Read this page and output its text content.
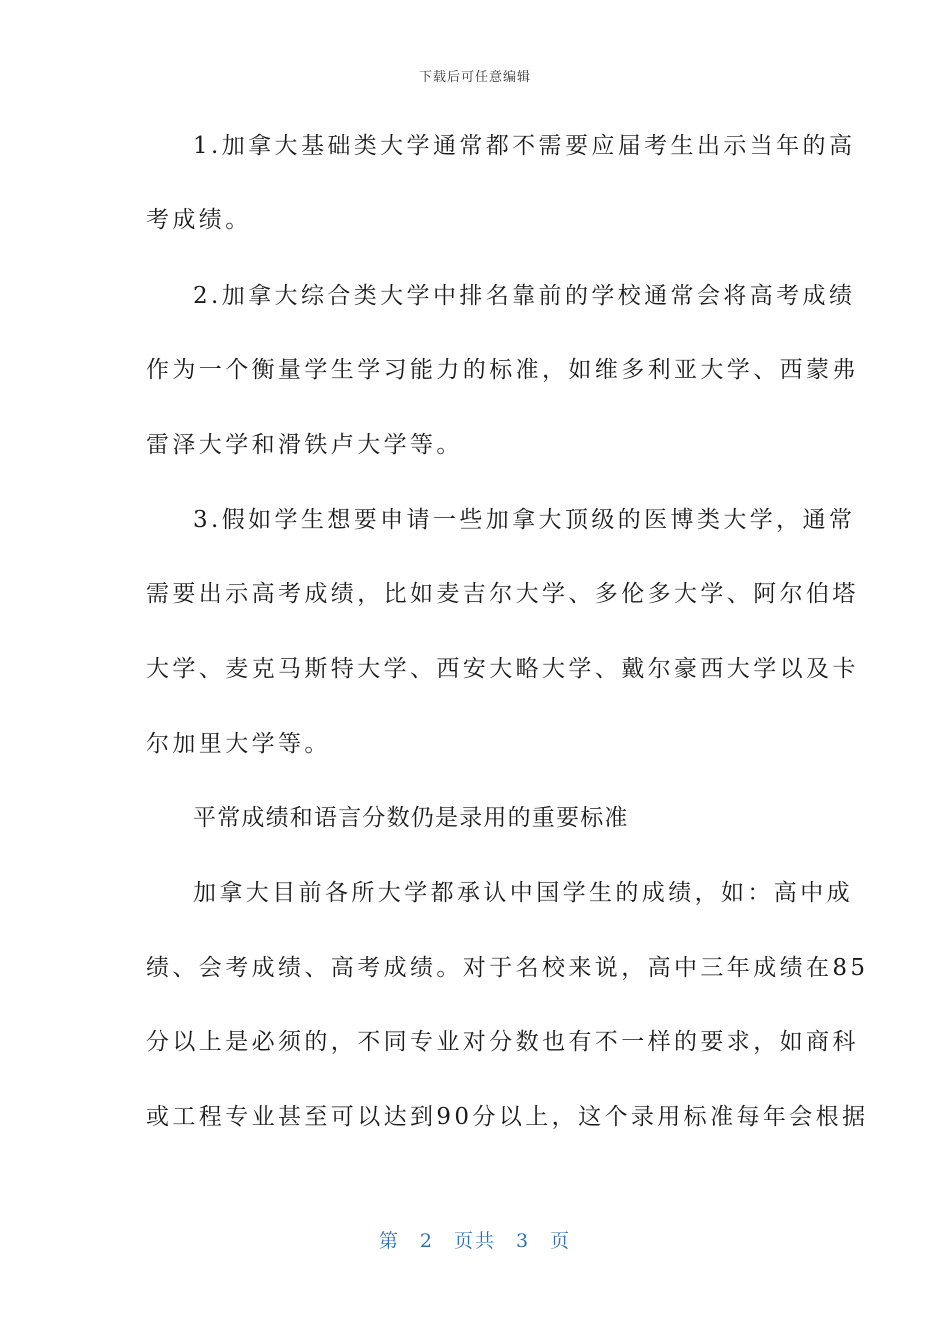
下载后可任意编辑
1.加拿大基础类大学通常都不需要应届考生出示当年的高
考成绩。
2.加拿大综合类大学中排名靠前的学校通常会将高考成绩
作为一个衡量学生学习能力的标准，如维多利亚大学、西蒙弗
雷泽大学和滑铁卢大学等。
3.假如学生想要申请一些加拿大顶级的医博类大学，通常
需要出示高考成绩，比如麦吉尔大学、多伦多大学、阿尔伯塔
大学、麦克马斯特大学、西安大略大学、戴尔豪西大学以及卡
尔加里大学等。
平常成绩和语言分数仍是录用的重要标准
加拿大目前各所大学都承认中国学生的成绩，如：高中成
绩、会考成绩、高考成绩。对于名校来说，高中三年成绩在85
分以上是必须的，不同专业对分数也有不一样的要求，如商科
或工程专业甚至可以达到90分以上，这个录用标准每年会根据
第 2 页共 3 页
